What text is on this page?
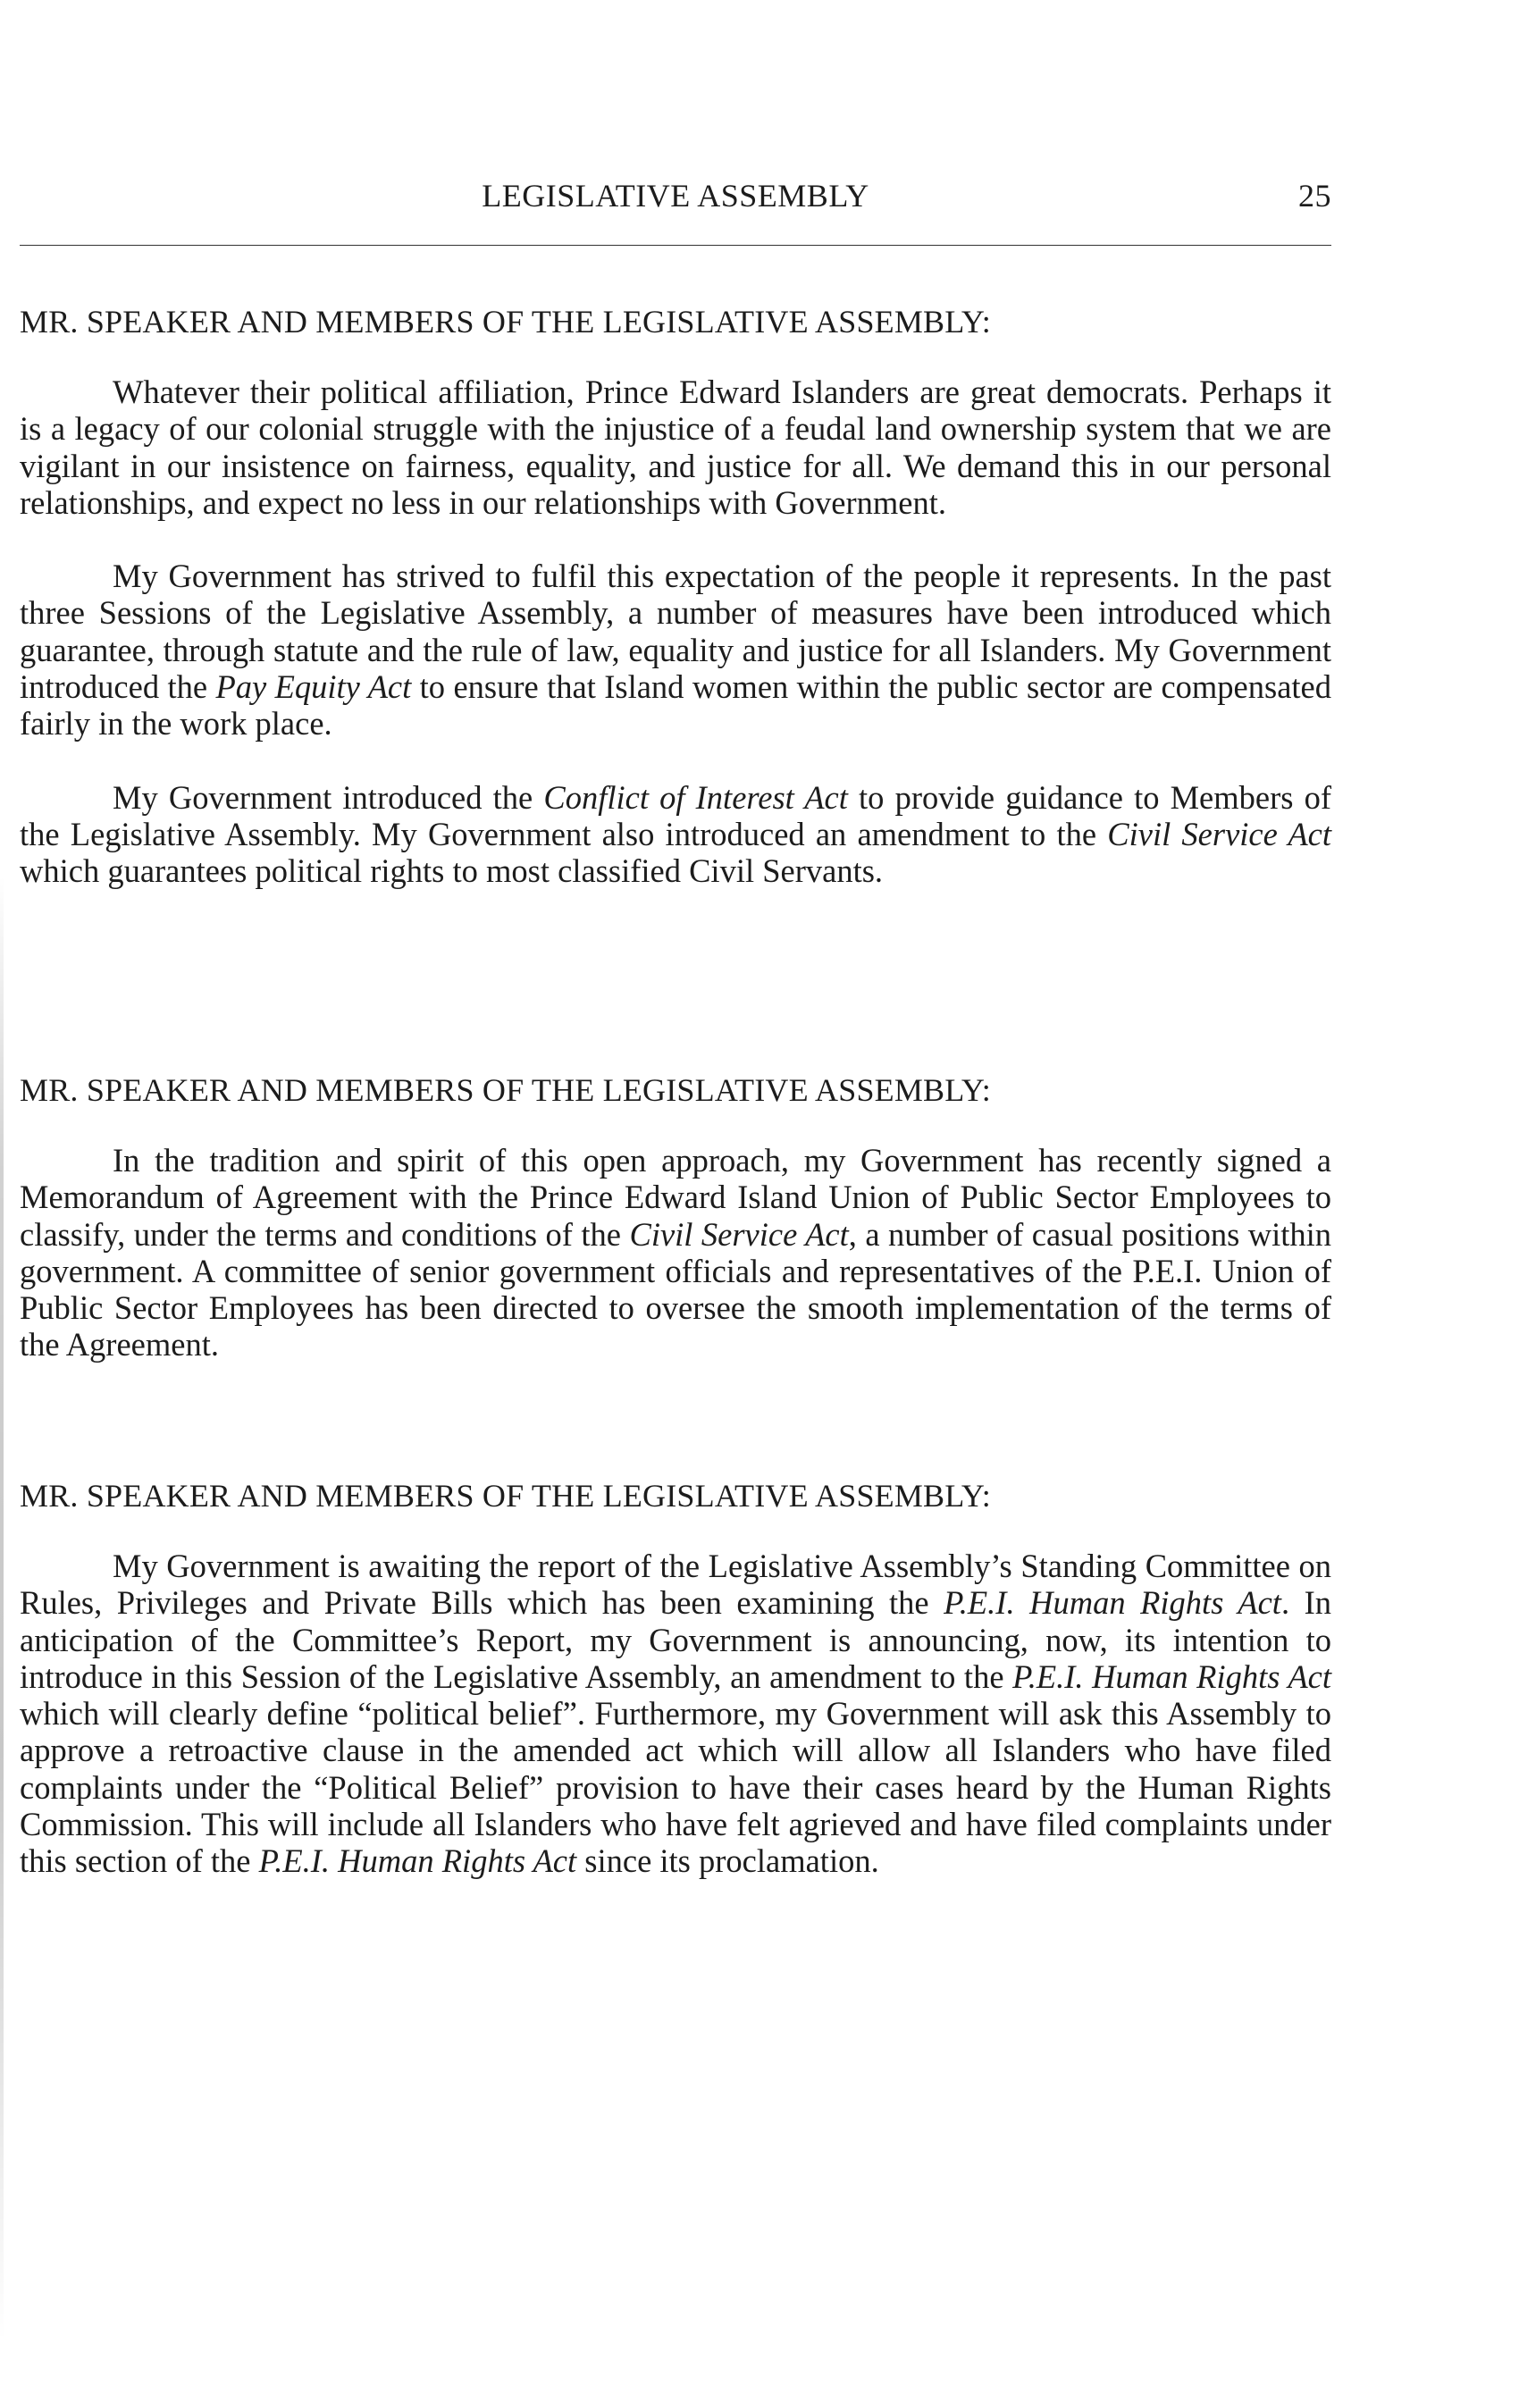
LEGISLATIVE ASSEMBLY	25
MR. SPEAKER AND MEMBERS OF THE LEGISLATIVE ASSEMBLY:

Whatever their political affiliation, Prince Edward Islanders are great democrats. Perhaps it is a legacy of our colonial struggle with the injustice of a feudal land ownership system that we are vigilant in our insistence on fairness, equality, and justice for all. We demand this in our personal relationships, and expect no less in our relationships with Government.

My Government has strived to fulfil this expectation of the people it represents. In the past three Sessions of the Legislative Assembly, a number of measures have been introduced which guarantee, through statute and the rule of law, equality and justice for all Islanders. My Government introduced the Pay Equity Act to ensure that Island women within the public sector are compensated fairly in the work place.

My Government introduced the Conflict of Interest Act to provide guidance to Members of the Legislative Assembly. My Government also introduced an amendment to the Civil Service Act which guarantees political rights to most classified Civil Servants.

MR. SPEAKER AND MEMBERS OF THE LEGISLATIVE ASSEMBLY:

In the tradition and spirit of this open approach, my Government has recently signed a Memorandum of Agreement with the Prince Edward Island Union of Public Sector Employees to classify, under the terms and conditions of the Civil Service Act, a number of casual positions within government. A committee of senior government officials and representatives of the P.E.I. Union of Public Sector Employees has been directed to oversee the smooth implementation of the terms of the Agreement.

MR. SPEAKER AND MEMBERS OF THE LEGISLATIVE ASSEMBLY:

My Government is awaiting the report of the Legislative Assembly’s Standing Committee on Rules, Privileges and Private Bills which has been examining the P.E.I. Human Rights Act. In anticipation of the Committee’s Report, my Government is announcing, now, its intention to introduce in this Session of the Legislative Assembly, an amendment to the P.E.I. Human Rights Act which will clearly define “political belief”. Furthermore, my Government will ask this Assembly to approve a retroactive clause in the amended act which will allow all Islanders who have filed complaints under the “Political Belief” provision to have their cases heard by the Human Rights Commission. This will include all Islanders who have felt agrieved and have filed complaints under this section of the P.E.I. Human Rights Act since its proclamation.
